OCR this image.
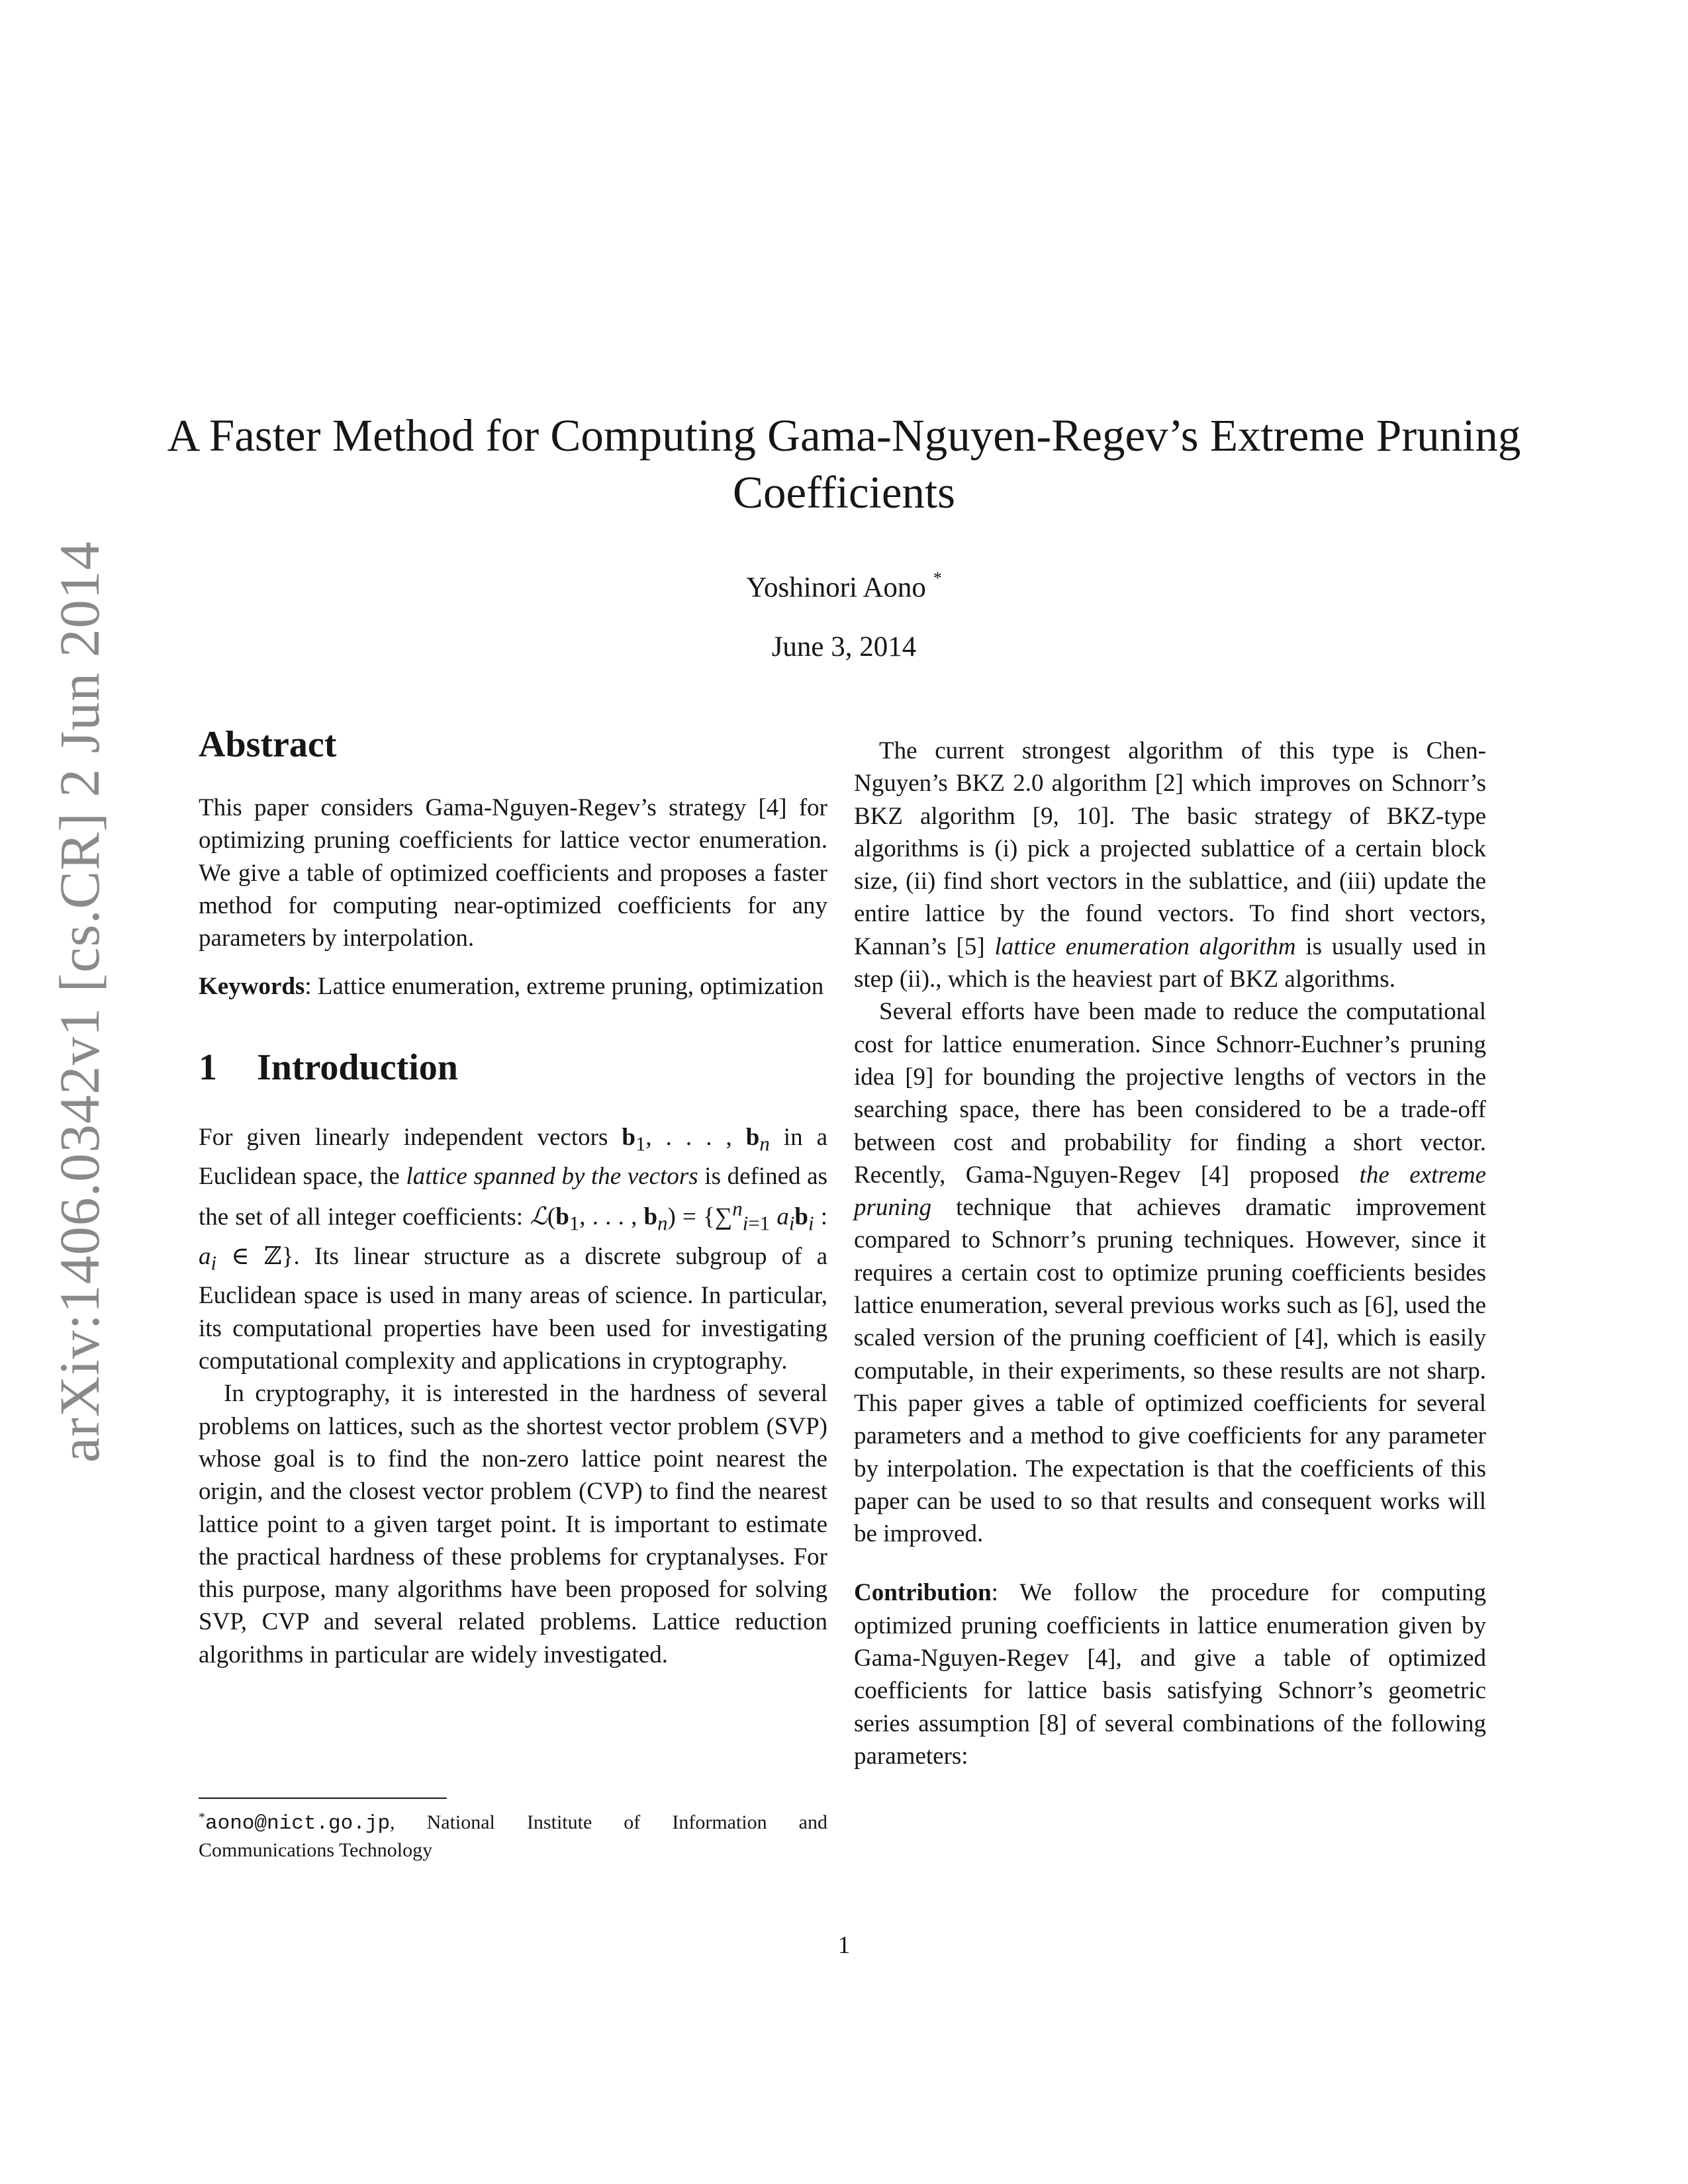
arXiv:1406.0342v1 [cs.CR] 2 Jun 2014
A Faster Method for Computing Gama-Nguyen-Regev’s Extreme Pruning Coefficients
Yoshinori Aono *
June 3, 2014
Abstract

This paper considers Gama-Nguyen-Regev’s strategy [4] for optimizing pruning coefficients for lattice vector enumeration. We give a table of optimized coefficients and proposes a faster method for computing near-optimized coefficients for any parameters by interpolation.

Keywords: Lattice enumeration, extreme pruning, optimization

1 Introduction

For given linearly independent vectors $b_1$, . . . , $b_n$ in a Euclidean space, the lattice spanned by the vectors is defined as the set of all integer coefficients: $ℒ(b_1$, . . . , $b_n) = \{\sum^n_{i=1}$ $a_ib_i$ : $a_i$ ∈ ℤ}. Its linear structure as a discrete subgroup of a Euclidean space is used in many areas of science. In particular, its computational properties have been used for investigating computational complexity and applications in cryptography.

In cryptography, it is interested in the hardness of several problems on lattices, such as the shortest vector problem (SVP) whose goal is to find the non-zero lattice point nearest the origin, and the closest vector problem (CVP) to find the nearest lattice point to a given target point. It is important to estimate the practical hardness of these problems for cryptanalyses. For this purpose, many algorithms have been proposed for solving SVP, CVP and several related problems. Lattice reduction algorithms in particular are widely investigated.

The current strongest algorithm of this type is Chen-Nguyen’s BKZ 2.0 algorithm [2] which improves on Schnorr’s BKZ algorithm [9, 10]. The basic strategy of BKZ-type algorithms is (i) pick a projected sublattice of a certain block size, (ii) find short vectors in the sublattice, and (iii) update the entire lattice by the found vectors. To find short vectors, Kannan’s [5] lattice enumeration algorithm is usually used in step (ii)., which is the heaviest part of BKZ algorithms.

Several efforts have been made to reduce the computational cost for lattice enumeration. Since Schnorr-Euchner’s pruning idea [9] for bounding the projective lengths of vectors in the searching space, there has been considered to be a trade-off between cost and probability for finding a short vector. Recently, Gama-Nguyen-Regev [4] proposed the extreme pruning technique that achieves dramatic improvement compared to Schnorr’s pruning techniques. However, since it requires a certain cost to optimize pruning coefficients besides lattice enumeration, several previous works such as [6], used the scaled version of the pruning coefficient of [4], which is easily computable, in their experiments, so these results are not sharp. This paper gives a table of optimized coefficients for several parameters and a method to give coefficients for any parameter by interpolation. The expectation is that the coefficients of this paper can be used to so that results and consequent works will be improved.

Contribution: We follow the procedure for computing optimized pruning coefficients in lattice enumeration given by Gama-Nguyen-Regev [4], and give a table of optimized coefficients for lattice basis satisfying Schnorr’s geometric series assumption [8] of several combinations of the following parameters:

*aono@nict.go.jp, National Institute of Information and Communications Technology
1
